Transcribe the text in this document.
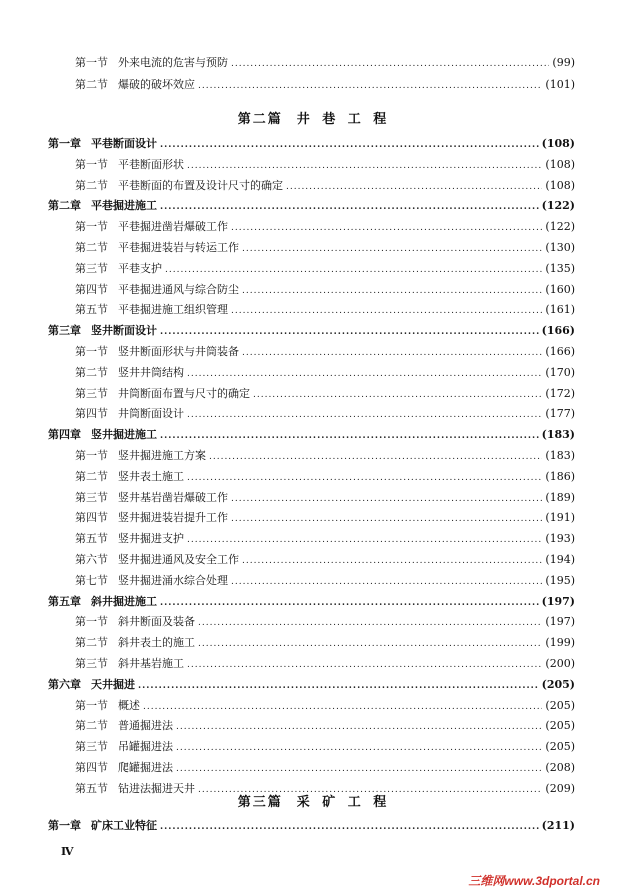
第一节 外来电流的危害与预防 .....	(99)
第二节 爆破的破坏效应 .....	(101)
第二篇 井 巷 工 程
第一章 平巷断面设计 .....	(108)
第一节 平巷断面形状 .....	(108)
第二节 平巷断面的布置及设计尺寸的确定 .....	(108)
第二章 平巷掘进施工 .....	(122)
第一节 平巷掘进凿岩爆破工作 .....	(122)
第二节 平巷掘进装岩与转运工作 .....	(130)
第三节 平巷支护 .....	(135)
第四节 平巷掘进通风与综合防尘 .....	(160)
第五节 平巷掘进施工组织管理 .....	(161)
第三章 竖井断面设计 .....	(166)
第一节 竖井断面形状与井筒装备 .....	(166)
第二节 竖井井筒结构 .....	(170)
第三节 井筒断面布置与尺寸的确定 .....	(172)
第四节 井筒断面设计 .....	(177)
第四章 竖井掘进施工 .....	(183)
第一节 竖井掘进施工方案 .....	(183)
第二节 竖井表土施工 .....	(186)
第三节 竖井基岩凿岩爆破工作 .....	(189)
第四节 竖井掘进装岩提升工作 .....	(191)
第五节 竖井掘进支护 .....	(193)
第六节 竖井掘进通风及安全工作 .....	(194)
第七节 竖井掘进涌水综合处理 .....	(195)
第五章 斜井掘进施工 .....	(197)
第一节 斜井断面及装备 .....	(197)
第二节 斜井表土的施工 .....	(199)
第三节 斜井基岩施工 .....	(200)
第六章 天井掘进 .....	(205)
第一节 概述 .....	(205)
第二节 普通掘进法 .....	(205)
第三节 吊罐掘进法 .....	(205)
第四节 爬罐掘进法 .....	(208)
第五节 钻进法掘进天井 .....	(209)
第三篇 采 矿 工 程
第一章 矿床工业特征 .....	(211)
Ⅳ
三维网www.3dportal.cn
